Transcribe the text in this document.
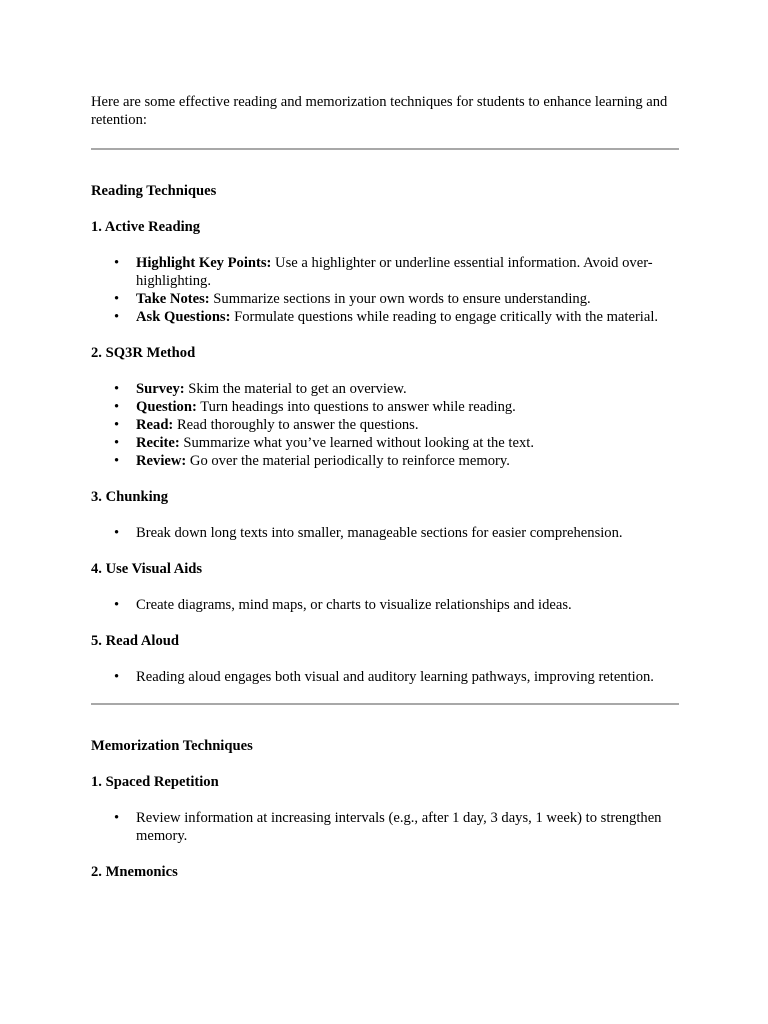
Here are some effective reading and memorization techniques for students to enhance learning and retention:

Reading Techniques

1. Active Reading

• Highlight Key Points: Use a highlighter or underline essential information. Avoid over-highlighting.
• Take Notes: Summarize sections in your own words to ensure understanding.
• Ask Questions: Formulate questions while reading to engage critically with the material.

2. SQ3R Method

• Survey: Skim the material to get an overview.
• Question: Turn headings into questions to answer while reading.
• Read: Read thoroughly to answer the questions.
• Recite: Summarize what you’ve learned without looking at the text.
• Review: Go over the material periodically to reinforce memory.

3. Chunking

• Break down long texts into smaller, manageable sections for easier comprehension.

4. Use Visual Aids

• Create diagrams, mind maps, or charts to visualize relationships and ideas.

5. Read Aloud

• Reading aloud engages both visual and auditory learning pathways, improving retention.

Memorization Techniques

1. Spaced Repetition

• Review information at increasing intervals (e.g., after 1 day, 3 days, 1 week) to strengthen memory.

2. Mnemonics
